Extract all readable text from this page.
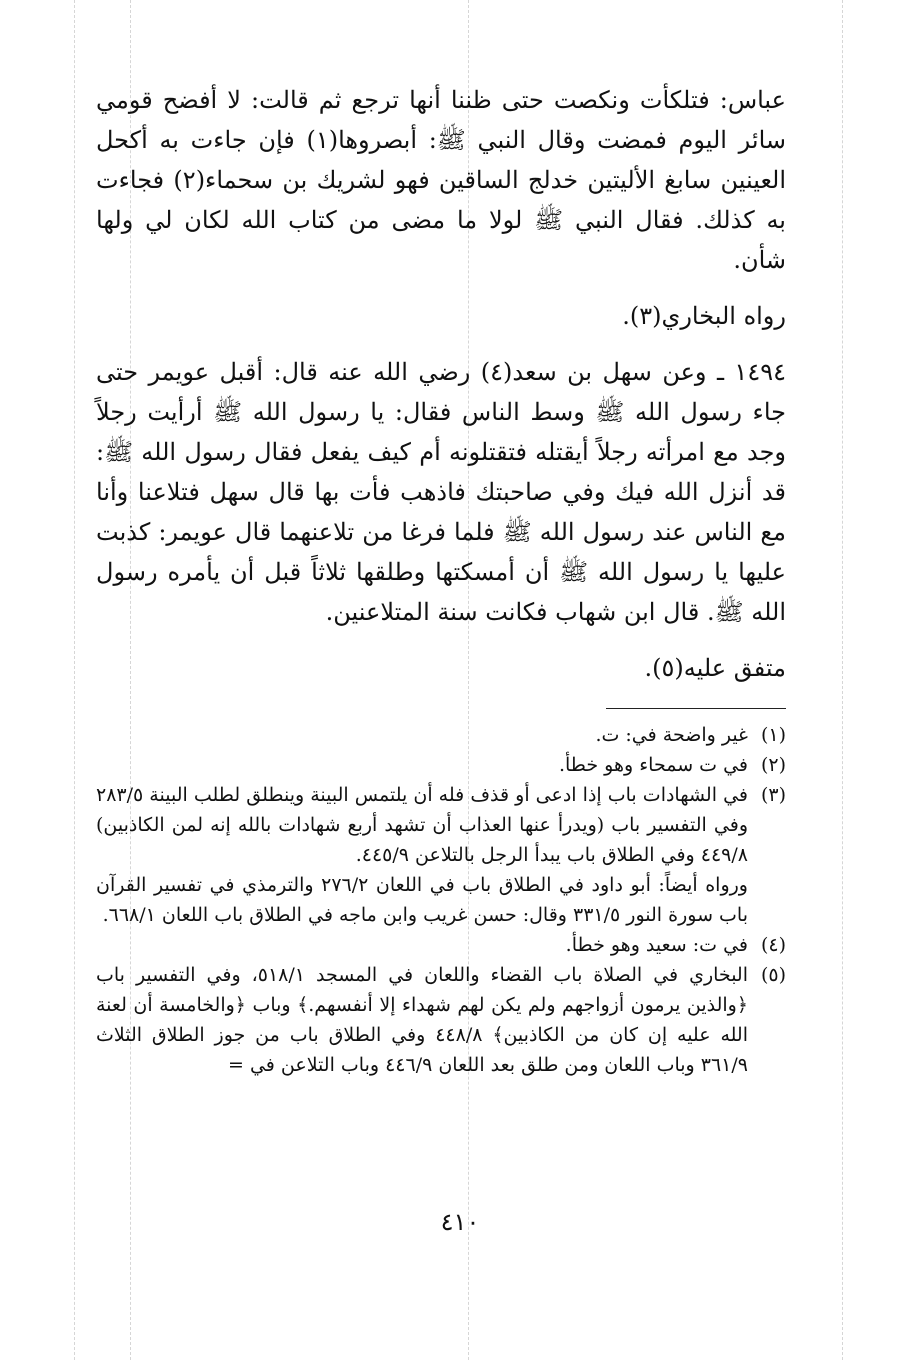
عباس: فتلكأت ونكصت حتى ظننا أنها ترجع ثم قالت: لا أفضح قومي سائر اليوم فمضت وقال النبي ﷺ: أبصروها(١) فإن جاءت به أكحل العينين سابغ الأليتين خدلج الساقين فهو لشريك بن سحماء(٢) فجاءت به كذلك. فقال النبي ﷺ لولا ما مضى من كتاب الله لكان لي ولها شأن.

رواه البخاري(٣).

١٤٩٤ ـ وعن سهل بن سعد(٤) رضي الله عنه قال: أقبل عويمر حتى جاء رسول الله ﷺ وسط الناس فقال: يا رسول الله ﷺ أرأيت رجلاً وجد مع امرأته رجلاً أيقتله فتقتلونه أم كيف يفعل فقال رسول الله ﷺ: قد أنزل الله فيك وفي صاحبتك فاذهب فأت بها قال سهل فتلاعنا وأنا مع الناس عند رسول الله ﷺ فلما فرغا من تلاعنهما قال عويمر: كذبت عليها يا رسول الله ﷺ أن أمسكتها وطلقها ثلاثاً قبل أن يأمره رسول الله ﷺ. قال ابن شهاب فكانت سنة المتلاعنين.

متفق عليه(٥).

(١)
غير واضحة في: ت.

(٢)
في ت سمحاء وهو خطأ.

(٣)
في الشهادات باب إذا ادعى أو قذف فله أن يلتمس البينة وينطلق لطلب البينة ٢٨٣/٥ وفي التفسير باب (ويدرأ عنها العذاب أن تشهد أربع شهادات بالله إنه لمن الكاذبين) ٤٤٩/٨ وفي الطلاق باب يبدأ الرجل بالتلاعن ٤٤٥/٩.

ورواه أيضاً: أبو داود في الطلاق باب في اللعان ٢٧٦/٢ والترمذي في تفسير القرآن باب سورة النور ٣٣١/٥ وقال: حسن غريب وابن ماجه في الطلاق باب اللعان ٦٦٨/١.

(٤)
في ت: سعيد وهو خطأ.

(٥)
البخاري في الصلاة باب القضاء واللعان في المسجد ٥١٨/١، وفي التفسير باب ﴿والذين يرمون أزواجهم ولم يكن لهم شهداء إلا أنفسهم.﴾ وباب ﴿والخامسة أن لعنة الله عليه إن كان من الكاذبين﴾ ٤٤٨/٨ وفي الطلاق باب من جوز الطلاق الثلاث ٣٦١/٩ وباب اللعان ومن طلق بعد اللعان ٤٤٦/٩ وباب التلاعن في =

٤١٠
